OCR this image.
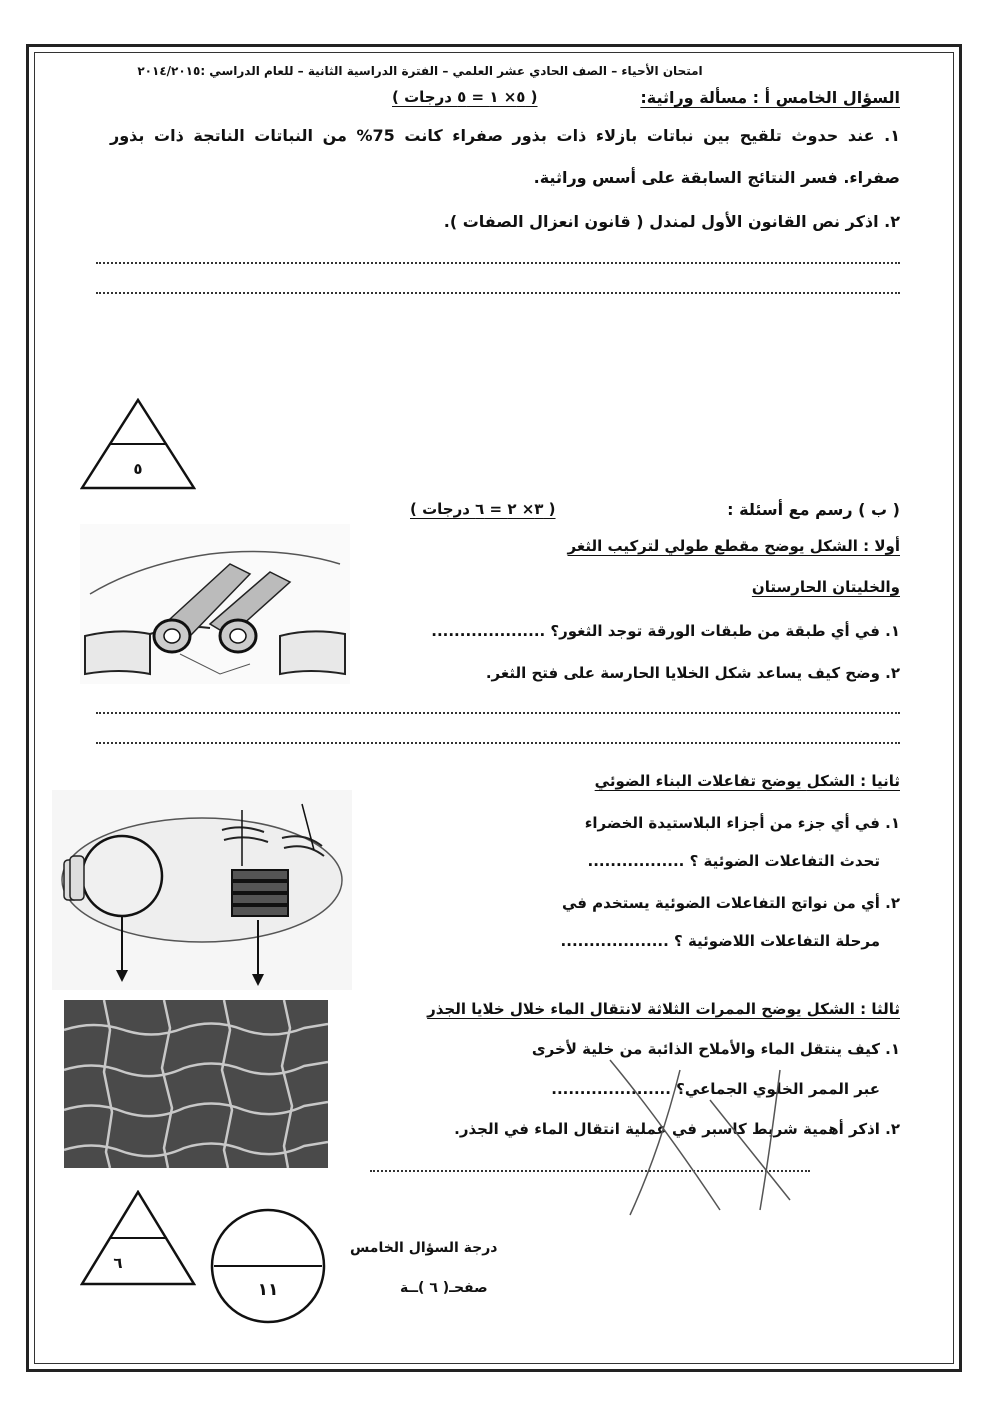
امتحان الأحياء – الصف الحادي عشر العلمي – الفترة الدراسية الثانية – للعام الدراسي :٢٠١٤/٢٠١٥
السؤال الخامس أ : مسألة وراثية:
( ٥× ١ = ٥ درجات )
١. عند حدوث تلقيح بين نباتات بازلاء ذات بذور صفراء كانت 75% من النباتات الناتجة ذات بذور
صفراء. فسر النتائج السابقة على أسس وراثية.
٢. اذكر نص القانون الأول لمندل ( قانون انعزال الصفات ).
٥
( ب ) رسم مع أسئلة :
( ٣× ٢ = ٦ درجات )
أولا : الشكل يوضح مقطع طولي لتركيب الثغر
والخليتان الحارستان
١. في أي طبقة من طبقات الورقة توجد الثغور؟ ....................
٢. وضح كيف يساعد شكل الخلايا الحارسة على فتح الثغر.
ثانيا : الشكل يوضح تفاعلات البناء الضوئي
١. في أي جزء من أجزاء البلاستيدة الخضراء
تحدث التفاعلات الضوئية ؟ .................
٢. أي من نواتج التفاعلات الضوئية يستخدم في
مرحلة التفاعلات اللاضوئية ؟ ...................
ثالثا : الشكل يوضح الممرات الثلاثة لانتقال الماء خلال خلايا الجذر
١. كيف ينتقل الماء والأملاح الذائبة من خلية لأخرى
عبر الممر الخلوي الجماعي؟ .....................
٢. اذكر أهمية شريط كاسبر في عملية انتقال الماء في الجذر.
٦
١١
درجة السؤال الخامس
صفحـ( ٦ )ــة
